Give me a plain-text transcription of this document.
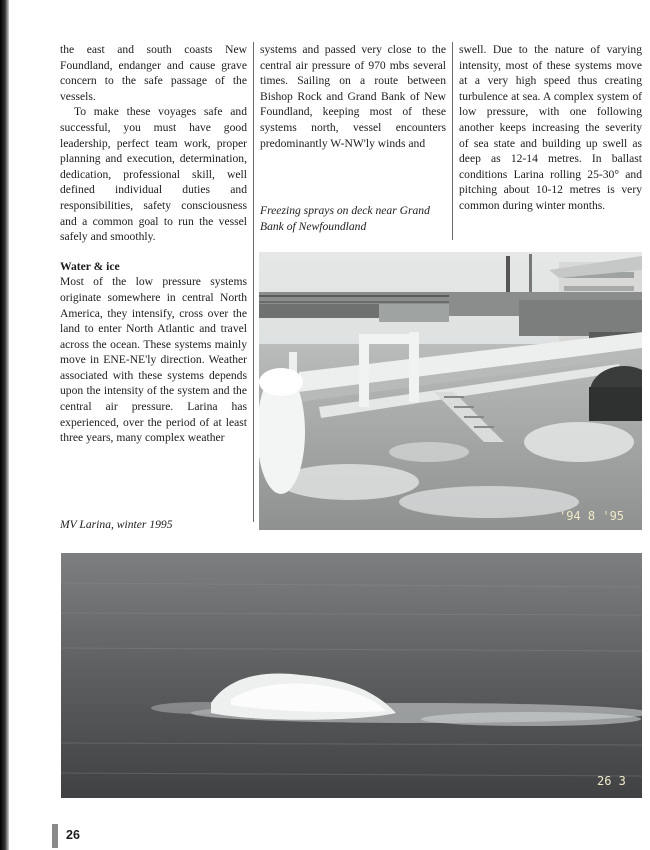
the east and south coasts New Foundland, endanger and cause grave concern to the safe passage of the vessels.

To make these voyages safe and successful, you must have good leadership, perfect team work, proper planning and execution, determination, dedication, professional skill, well defined individual duties and responsibilities, safety consciousness and a common goal to run the vessel safely and smoothly.

Water & ice

Most of the low pressure systems originate somewhere in central North America, they intensify, cross over the land to enter North Atlantic and travel across the ocean. These systems mainly move in ENE-NE'ly direction. Weather associated with these systems depends upon the intensity of the system and the central air pressure. Larina has experienced, over the period of at least three years, many complex weather

systems and passed very close to the central air pressure of 970 mbs several times. Sailing on a route between Bishop Rock and Grand Bank of New Foundland, keeping most of these systems north, vessel encounters predominantly W-NW'ly winds and

Freezing sprays on deck near Grand Bank of Newfoundland

swell. Due to the nature of varying intensity, most of these systems move at a very high speed thus creating turbulence at sea. A complex system of low pressure, with one following another keeps increasing the severity of sea state and building up swell as deep as 12-14 metres. In ballast conditions Larina rolling 25-30° and pitching about 10-12 metres is very common during winter months.

'94 8 '95
MV Larina, winter 1995
26 3
26
